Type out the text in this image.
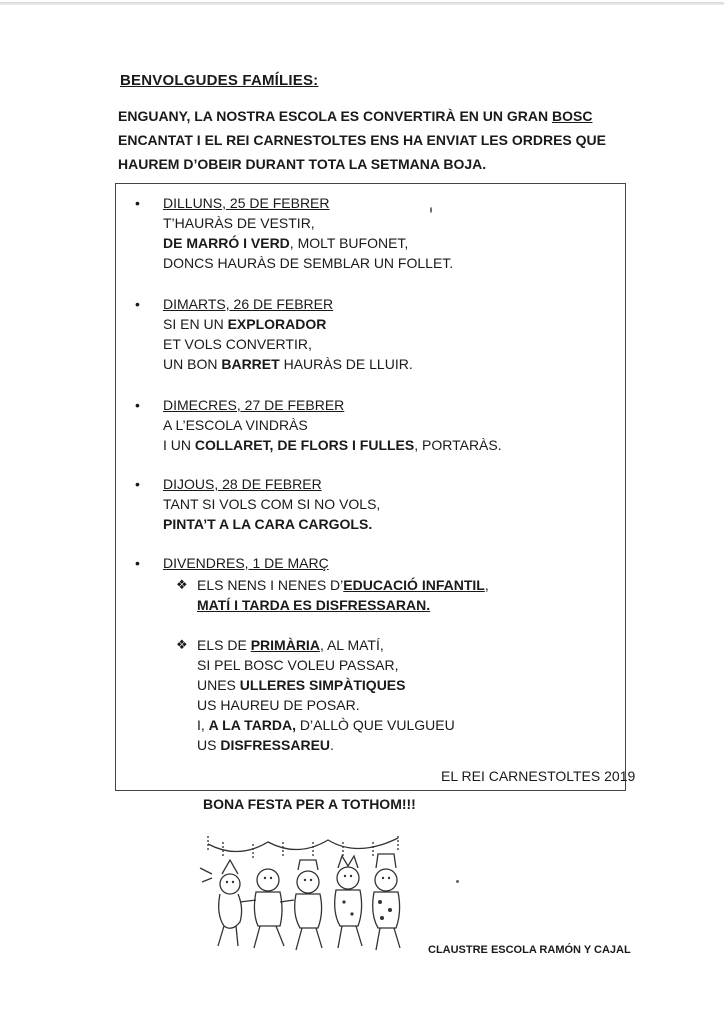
BENVOLGUDES FAMÍLIES:
ENGUANY, LA NOSTRA ESCOLA ES CONVERTIRÀ EN UN GRAN BOSC
ENCANTAT I EL REI CARNESTOLTES ENS HA ENVIAT LES ORDRES QUE
HAUREM D’OBEIR DURANT TOTA LA SETMANA BOJA.
• DILLUNS, 25 DE FEBRER
T’HAURÀS DE VESTIR,
DE MARRÓ I VERD, MOLT BUFONET,
DONCS HAURÀS DE SEMBLAR UN FOLLET.
• DIMARTS, 26 DE FEBRER
SI EN UN EXPLORADOR
ET VOLS CONVERTIR,
UN BON BARRET HAURÀS DE LLUIR.
• DIMECRES, 27 DE FEBRER
A L’ESCOLA VINDRÀS
I UN COLLARET, DE FLORS I FULLES, PORTARÀS.
• DIJOUS, 28 DE FEBRER
TANT SI VOLS COM SI NO VOLS,
PINTA’T A LA CARA CARGOLS.
• DIVENDRES, 1 DE MARÇ
❖ ELS NENS I NENES D’EDUCACIÓ INFANTIL,
MATÍ I TARDA ES DISFRESSARAN.
❖ ELS DE PRIMÀRIA, AL MATÍ,
SI PEL BOSC VOLEU PASSAR,
UNES ULLERES SIMPÀTIQUES
US HAUREU DE POSAR.
I, A LA TARDA, D’ALLÒ QUE VULGUEU
US DISFRESSAREU.
EL REI CARNESTOLTES 2019
BONA FESTA PER A TOTHOM!!!
CLAUSTRE ESCOLA RAMÓN Y CAJAL
